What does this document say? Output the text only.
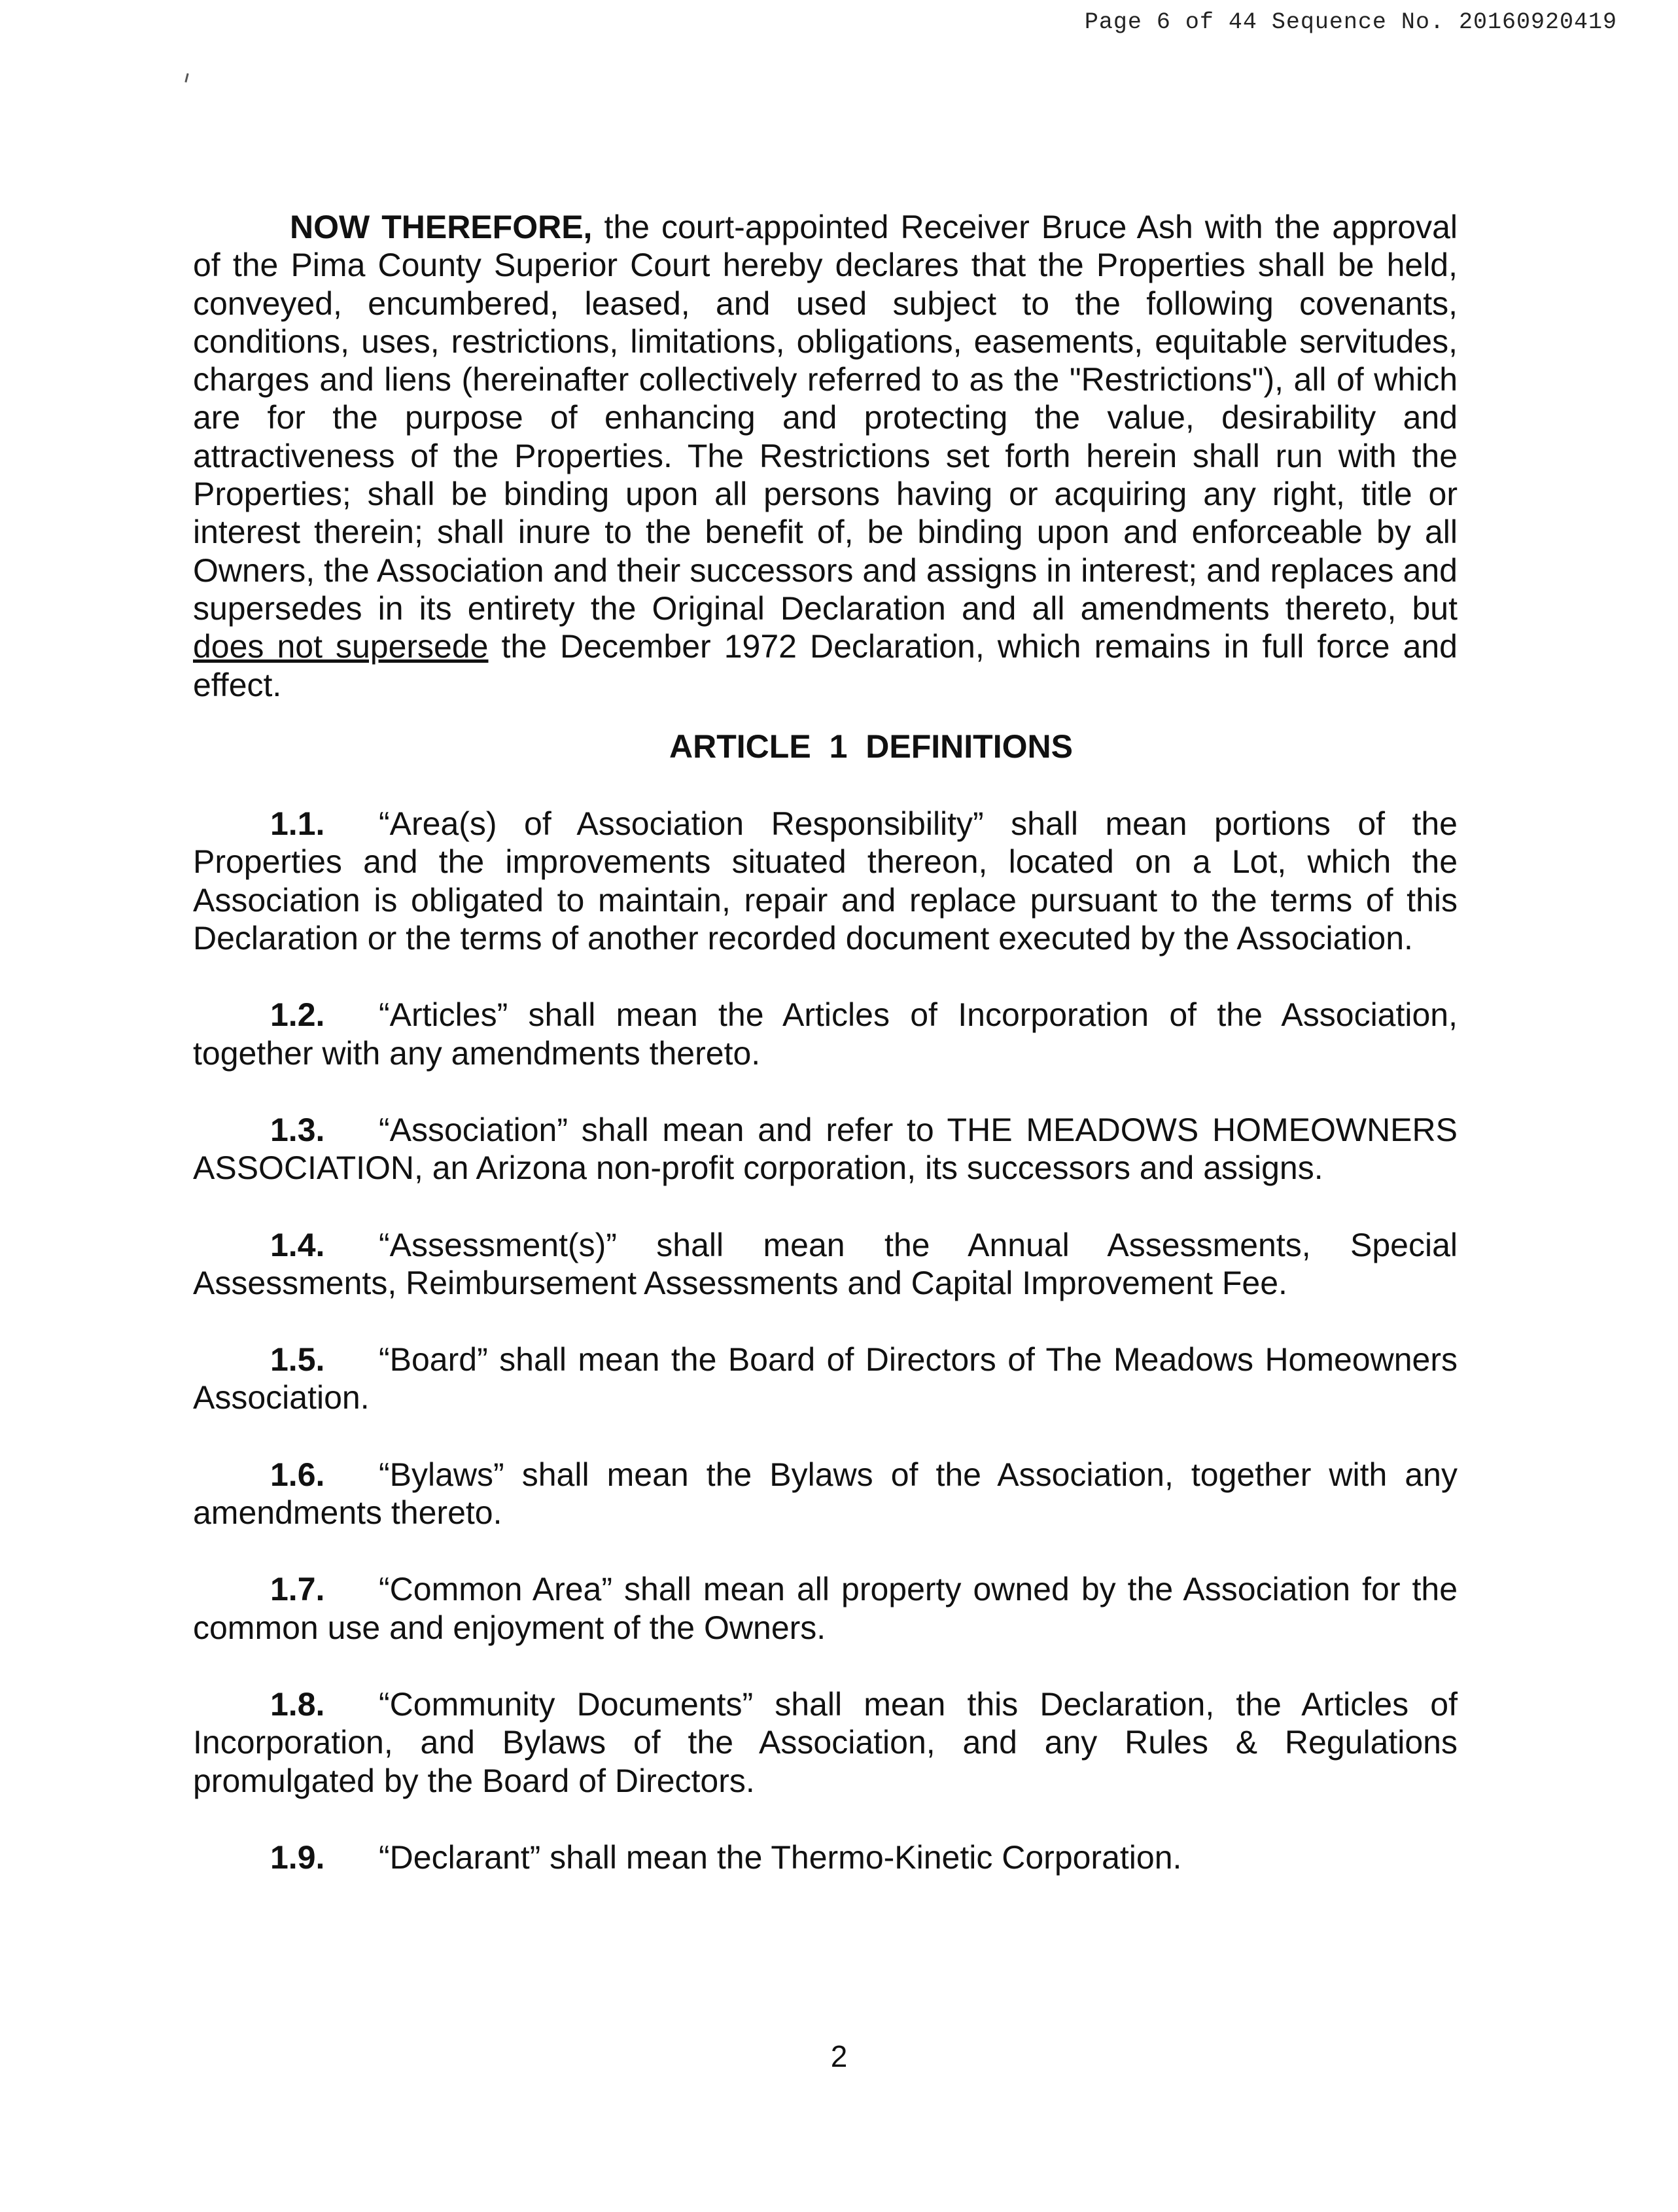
Page 6 of 44 Sequence No. 20160920419

NOW THEREFORE, the court-appointed Receiver Bruce Ash with the approval of the Pima County Superior Court hereby declares that the Properties shall be held, conveyed, encumbered, leased, and used subject to the following covenants, conditions, uses, restrictions, limitations, obligations, easements, equitable servitudes, charges and liens (hereinafter collectively referred to as the "Restrictions"), all of which are for the purpose of enhancing and protecting the value, desirability and attractiveness of the Properties. The Restrictions set forth herein shall run with the Properties; shall be binding upon all persons having or acquiring any right, title or interest therein; shall inure to the benefit of, be binding upon and enforceable by all Owners, the Association and their successors and assigns in interest; and replaces and supersedes in its entirety the Original Declaration and all amendments thereto, but does not supersede the December 1972 Declaration, which remains in full force and effect.

ARTICLE 1 DEFINITIONS

1.1. “Area(s) of Association Responsibility” shall mean portions of the Properties and the improvements situated thereon, located on a Lot, which the Association is obligated to maintain, repair and replace pursuant to the terms of this Declaration or the terms of another recorded document executed by the Association.

1.2. “Articles” shall mean the Articles of Incorporation of the Association, together with any amendments thereto.

1.3. “Association” shall mean and refer to THE MEADOWS HOMEOWNERS ASSOCIATION, an Arizona non-profit corporation, its successors and assigns.

1.4. “Assessment(s)” shall mean the Annual Assessments, Special Assessments, Reimbursement Assessments and Capital Improvement Fee.

1.5. “Board” shall mean the Board of Directors of The Meadows Homeowners Association.

1.6. “Bylaws” shall mean the Bylaws of the Association, together with any amendments thereto.

1.7. “Common Area” shall mean all property owned by the Association for the common use and enjoyment of the Owners.

1.8. “Community Documents” shall mean this Declaration, the Articles of Incorporation, and Bylaws of the Association, and any Rules & Regulations promulgated by the Board of Directors.

1.9. “Declarant” shall mean the Thermo-Kinetic Corporation.

2
